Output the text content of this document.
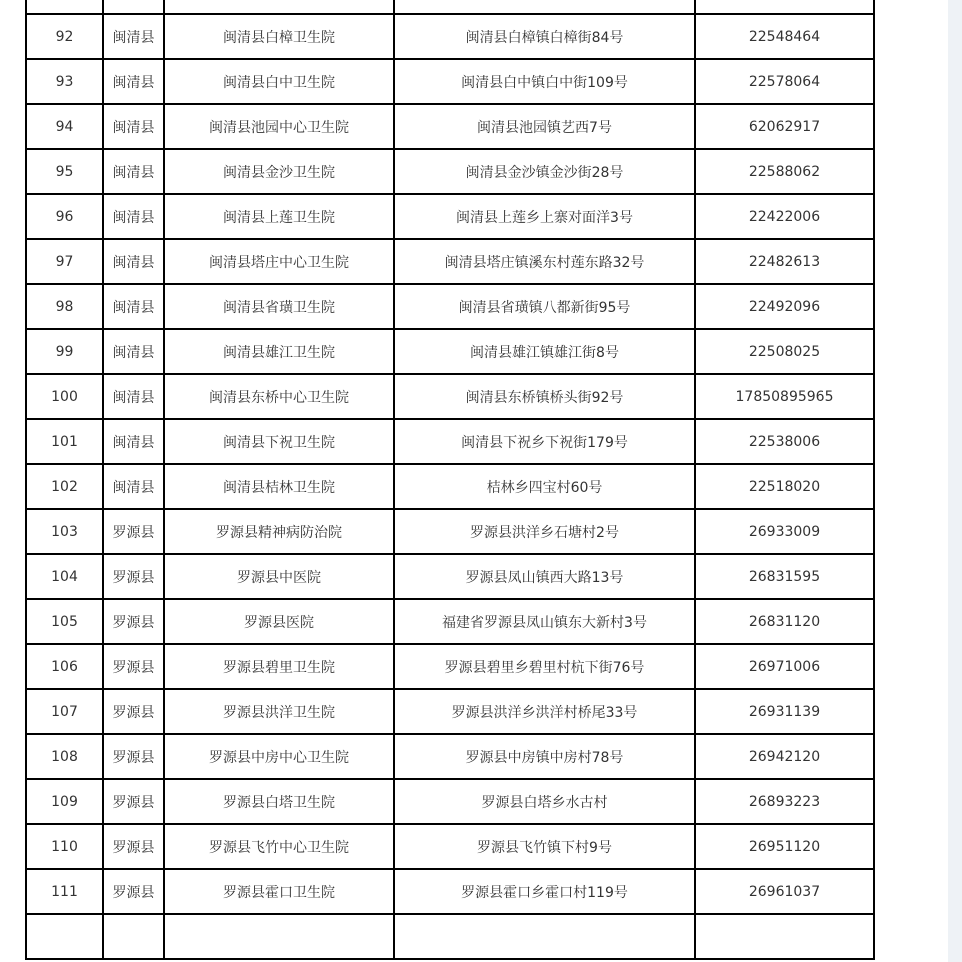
92	闽清县	闽清县白樟卫生院	闽清县白樟镇白樟街84号	22548464
93	闽清县	闽清县白中卫生院	闽清县白中镇白中街109号	22578064
94	闽清县	闽清县池园中心卫生院	闽清县池园镇艺西7号	62062917
95	闽清县	闽清县金沙卫生院	闽清县金沙镇金沙街28号	22588062
96	闽清县	闽清县上莲卫生院	闽清县上莲乡上寨对面洋3号	22422006
97	闽清县	闽清县塔庄中心卫生院	闽清县塔庄镇溪东村莲东路32号	22482613
98	闽清县	闽清县省璜卫生院	闽清县省璜镇八都新街95号	22492096
99	闽清县	闽清县雄江卫生院	闽清县雄江镇雄江街8号	22508025
100	闽清县	闽清县东桥中心卫生院	闽清县东桥镇桥头街92号	17850895965
101	闽清县	闽清县下祝卫生院	闽清县下祝乡下祝街179号	22538006
102	闽清县	闽清县桔林卫生院	桔林乡四宝村60号	22518020
103	罗源县	罗源县精神病防治院	罗源县洪洋乡石塘村2号	26933009
104	罗源县	罗源县中医院	罗源县凤山镇西大路13号	26831595
105	罗源县	罗源县医院	福建省罗源县凤山镇东大新村3号	26831120
106	罗源县	罗源县碧里卫生院	罗源县碧里乡碧里村杭下街76号	26971006
107	罗源县	罗源县洪洋卫生院	罗源县洪洋乡洪洋村桥尾33号	26931139
108	罗源县	罗源县中房中心卫生院	罗源县中房镇中房村78号	26942120
109	罗源县	罗源县白塔卫生院	罗源县白塔乡水古村	26893223
110	罗源县	罗源县飞竹中心卫生院	罗源县飞竹镇下村9号	26951120
111	罗源县	罗源县霍口卫生院	罗源县霍口乡霍口村119号	26961037
